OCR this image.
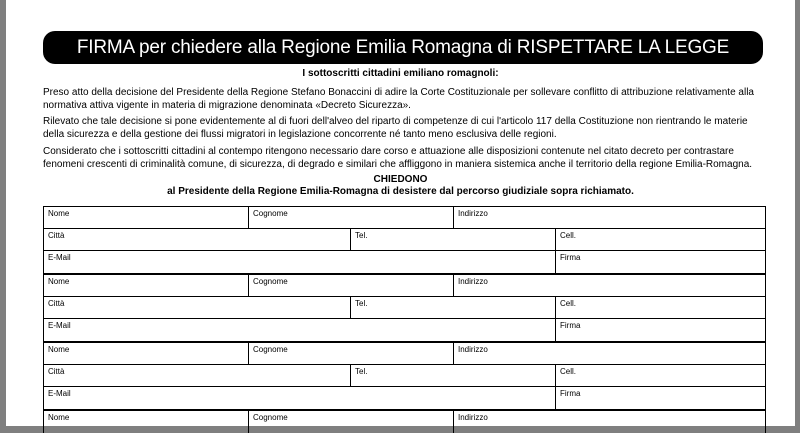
FIRMA per chiedere alla Regione Emilia Romagna di RISPETTARE LA LEGGE
I sottoscritti cittadini emiliano romagnoli:
Preso atto della decisione del Presidente della Regione Stefano Bonaccini di adire la Corte Costituzionale per sollevare conflitto di attribuzione relativamente alla normativa attiva vigente in materia di migrazione denominata «Decreto Sicurezza».
Rilevato che tale decisione si pone evidentemente al di fuori dell'alveo del riparto di competenze di cui l'articolo 117 della Costituzione non rientrando le materie della sicurezza e della gestione dei flussi migratori in legislazione concorrente né tanto meno esclusiva delle regioni.
Considerato che i sottoscritti cittadini al contempo ritengono necessario dare corso e attuazione alle disposizioni contenute nel citato decreto per contrastare fenomeni crescenti di criminalità comune, di sicurezza, di degrado e similari che affliggono in maniera sistemica anche il territorio della regione Emilia-Romagna.
CHIEDONO
al Presidente della Regione Emilia-Romagna di desistere dal percorso giudiziale sopra richiamato.
Nome	Cognome	Indirizzo
Città	Tel.	Cell.
E-Mail	Firma
Nome	Cognome	Indirizzo
Città	Tel.	Cell.
E-Mail	Firma
Nome	Cognome	Indirizzo
Città	Tel.	Cell.
E-Mail	Firma
Nome	Cognome	Indirizzo
